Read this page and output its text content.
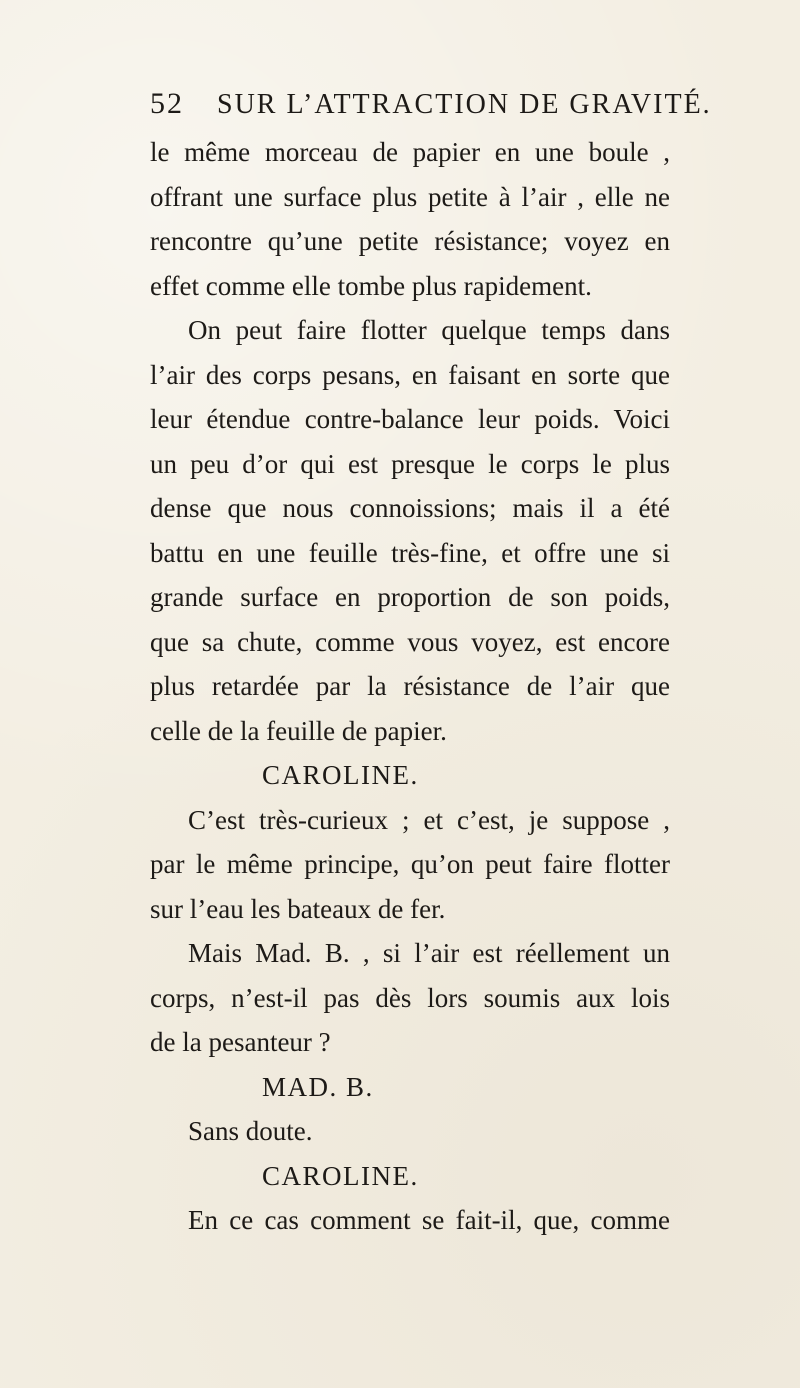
52 SUR L’ATTRACTION DE GRAVITÉ.
le même morceau de papier en une boule ,
offrant une surface plus petite à l’air , elle ne
rencontre qu’une petite résistance; voyez en
effet comme elle tombe plus rapidement.
On peut faire flotter quelque temps dans
l’air des corps pesans, en faisant en sorte que
leur étendue contre-balance leur poids. Voici
un peu d’or qui est presque le corps le plus
dense que nous connoissions; mais il a été
battu en une feuille très-fine, et offre une si
grande surface en proportion de son poids,
que sa chute, comme vous voyez, est encore
plus retardée par la résistance de l’air que
celle de la feuille de papier.
CAROLINE.
C’est très-curieux ; et c’est, je suppose ,
par le même principe, qu’on peut faire flotter
sur l’eau les bateaux de fer.
Mais Mad. B. , si l’air est réellement un
corps, n’est-il pas dès lors soumis aux lois
de la pesanteur ?
MAD. B.
Sans doute.
CAROLINE.
En ce cas comment se fait-il, que, comme
